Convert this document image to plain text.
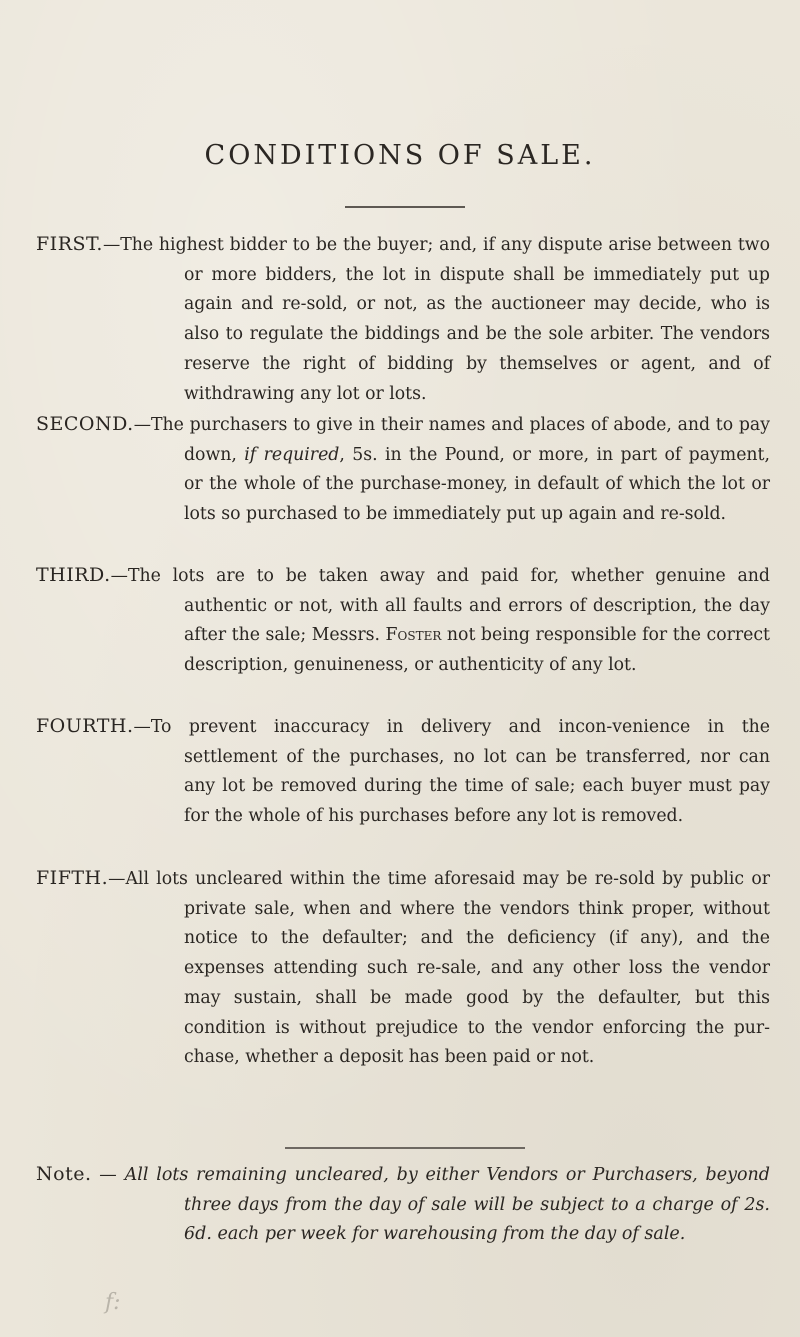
CONDITIONS OF SALE.
FIRST.—The highest bidder to be the buyer; and, if any dispute arise between two or more bidders, the lot in dispute shall be immediately put up again and re-sold, or not, as the auctioneer may decide, who is also to regulate the biddings and be the sole arbiter. The vendors reserve the right of bidding by themselves or agent, and of withdrawing any lot or lots.
SECOND.—The purchasers to give in their names and places of abode, and to pay down, if required, 5s. in the Pound, or more, in part of payment, or the whole of the purchase-money, in default of which the lot or lots so purchased to be immediately put up again and re-sold.
THIRD.—The lots are to be taken away and paid for, whether genuine and authentic or not, with all faults and errors of description, the day after the sale; Messrs. Foster not being responsible for the correct description, genuineness, or authenticity of any lot.
FOURTH.—To prevent inaccuracy in delivery and incon-venience in the settlement of the purchases, no lot can be transferred, nor can any lot be removed during the time of sale; each buyer must pay for the whole of his purchases before any lot is removed.
FIFTH.—All lots uncleared within the time aforesaid may be re-sold by public or private sale, when and where the vendors think proper, without notice to the defaulter; and the deficiency (if any), and the expenses attending such re-sale, and any other loss the vendor may sustain, shall be made good by the defaulter, but this condition is without prejudice to the vendor enforcing the pur-chase, whether a deposit has been paid or not.
Note. — All lots remaining uncleared, by either Vendors or Purchasers, beyond three days from the day of sale will be subject to a charge of 2s. 6d. each per week for warehousing from the day of sale.
f:
